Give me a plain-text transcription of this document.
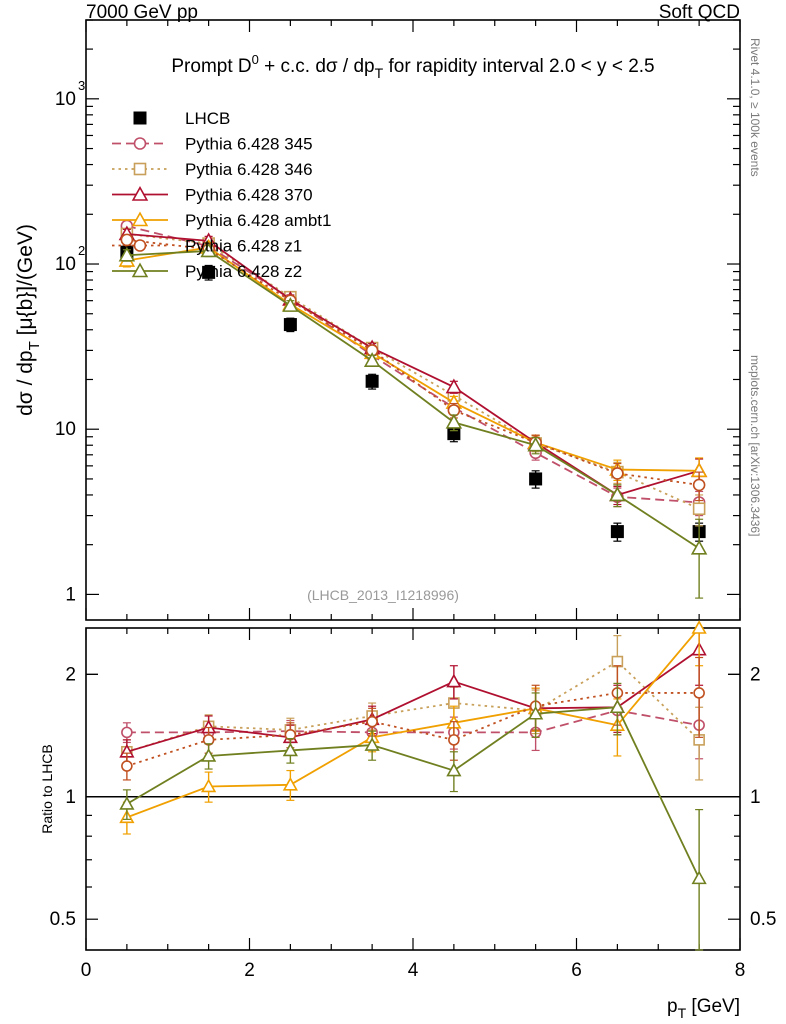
7000 GeV pp	Soft QCD
Rivet 4.1.0, ≥ 100k events
mcplots.cern.ch [arXiv:1306.3436]
1
10
10
2
10
3
0.5	0.5
1	1
2	2
0	2	4	6	8
$p_T$ [GeV]
dσ / $dp_T$ [μ{b}]/(GeV)
Ratio to LHCB
Prompt $D^0 + c.c$. dσ / $dp_T$ for rapidity interval 2.0 < y < 2.5
(LHCB_2013_I1218996)
LHCB
Pythia 6.428 345
Pythia 6.428 346
Pythia 6.428 370
Pythia 6.428 ambt1
Pythia 6.428 z1
Pythia 6.428 z2
